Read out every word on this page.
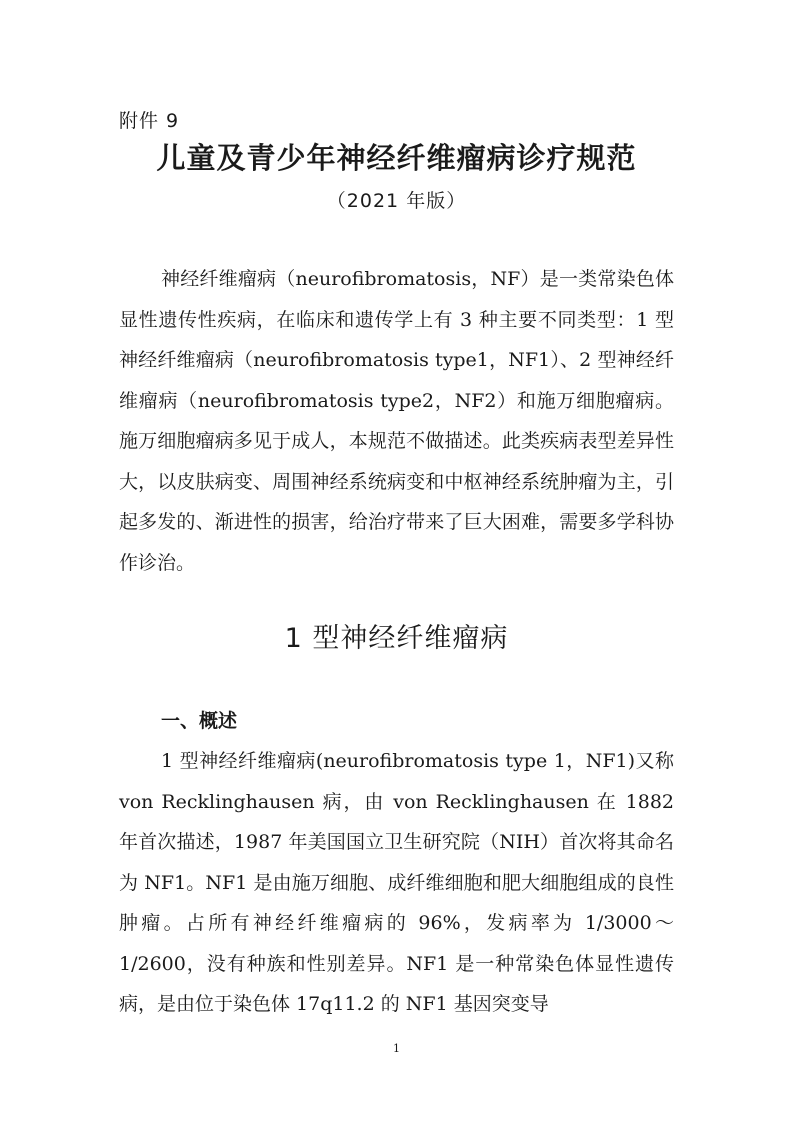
附件 9
儿童及青少年神经纤维瘤病诊疗规范
（2021 年版）

神经纤维瘤病（neurofibromatosis，NF）是一类常染色体显性遗传性疾病，在临床和遗传学上有 3 种主要不同类型：1 型神经纤维瘤病（neurofibromatosis type1，NF1）、2 型神经纤维瘤病（neurofibromatosis type2，NF2）和施万细胞瘤病。施万细胞瘤病多见于成人，本规范不做描述。此类疾病表型差异性大，以皮肤病变、周围神经系统病变和中枢神经系统肿瘤为主，引起多发的、渐进性的损害，给治疗带来了巨大困难，需要多学科协作诊治。

1 型神经纤维瘤病
一、概述

1 型神经纤维瘤病(neurofibromatosis type 1，NF1)又称 von Recklinghausen 病，由 von Recklinghausen 在 1882 年首次描述，1987 年美国国立卫生研究院（NIH）首次将其命名为 NF1。NF1 是由施万细胞、成纤维细胞和肥大细胞组成的良性肿瘤。占所有神经纤维瘤病的 96%，发病率为 1/3000～1/2600，没有种族和性别差异。NF1 是一种常染色体显性遗传病，是由位于染色体 17q11.2 的 NF1 基因突变导

1
